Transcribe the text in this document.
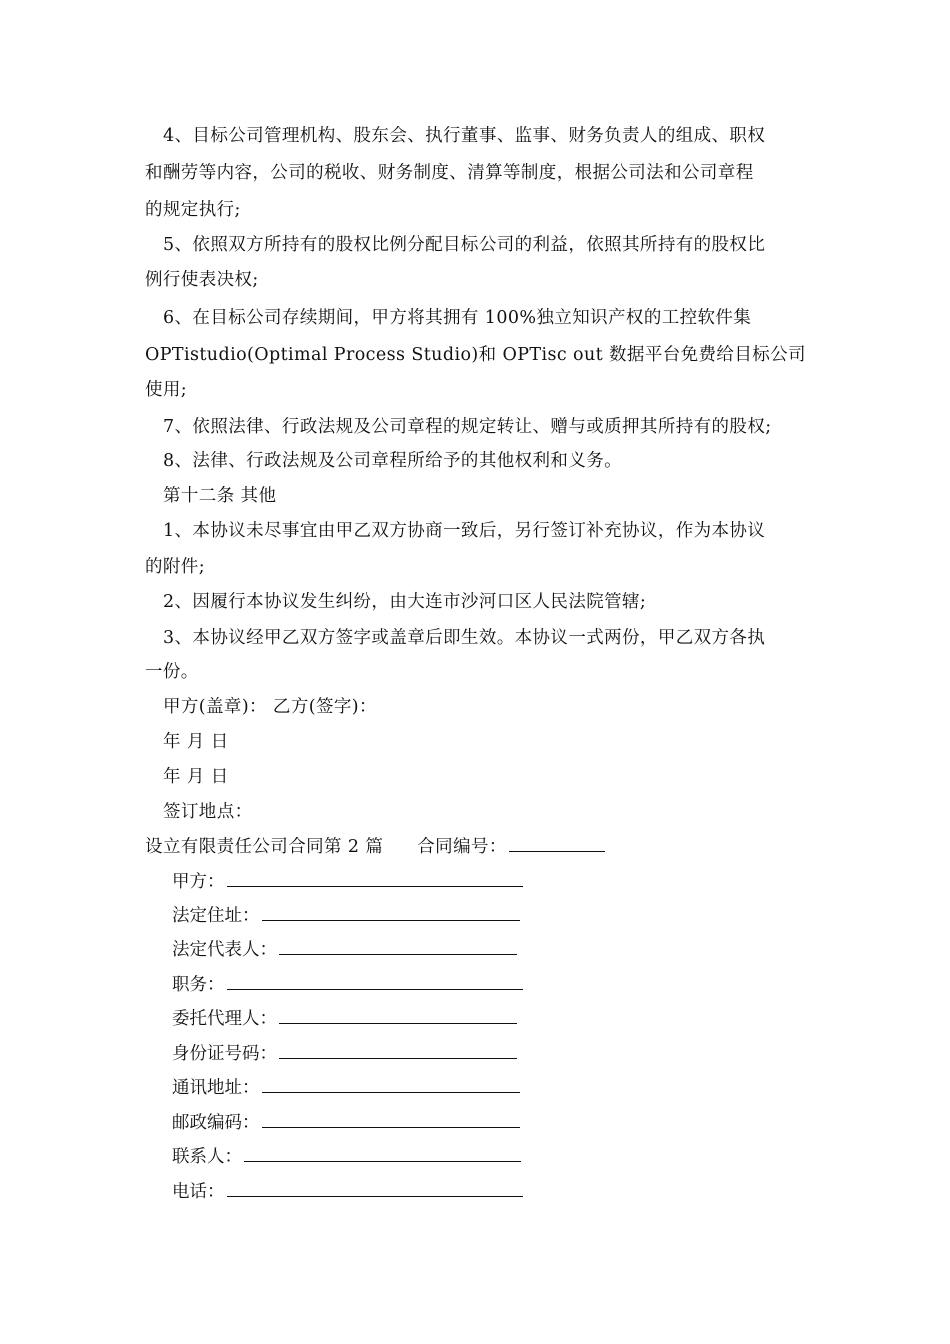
4、目标公司管理机构、股东会、执行董事、监事、财务负责人的组成、职权
和酬劳等内容，公司的税收、财务制度、清算等制度，根据公司法和公司章程
的规定执行;
5、依照双方所持有的股权比例分配目标公司的利益，依照其所持有的股权比
例行使表决权;
6、在目标公司存续期间，甲方将其拥有 100%独立知识产权的工控软件集
OPTistudio(Optimal Process Studio)和 OPTisc out 数据平台免费给目标公司
使用;
7、依照法律、行政法规及公司章程的规定转让、赠与或质押其所持有的股权;
8、法律、行政法规及公司章程所给予的其他权利和义务。
第十二条 其他
1、本协议未尽事宜由甲乙双方协商一致后，另行签订补充协议，作为本协议
的附件;
2、因履行本协议发生纠纷，由大连市沙河口区人民法院管辖;
3、本协议经甲乙双方签字或盖章后即生效。本协议一式两份，甲乙双方各执
一份。
甲方(盖章)： 乙方(签字)：
年 月 日
年 月 日
签订地点：
设立有限责任公司合同第 2 篇 合同编号：
甲方：
法定住址：
法定代表人：
职务：
委托代理人：
身份证号码：
通讯地址：
邮政编码：
联系人：
电话：
